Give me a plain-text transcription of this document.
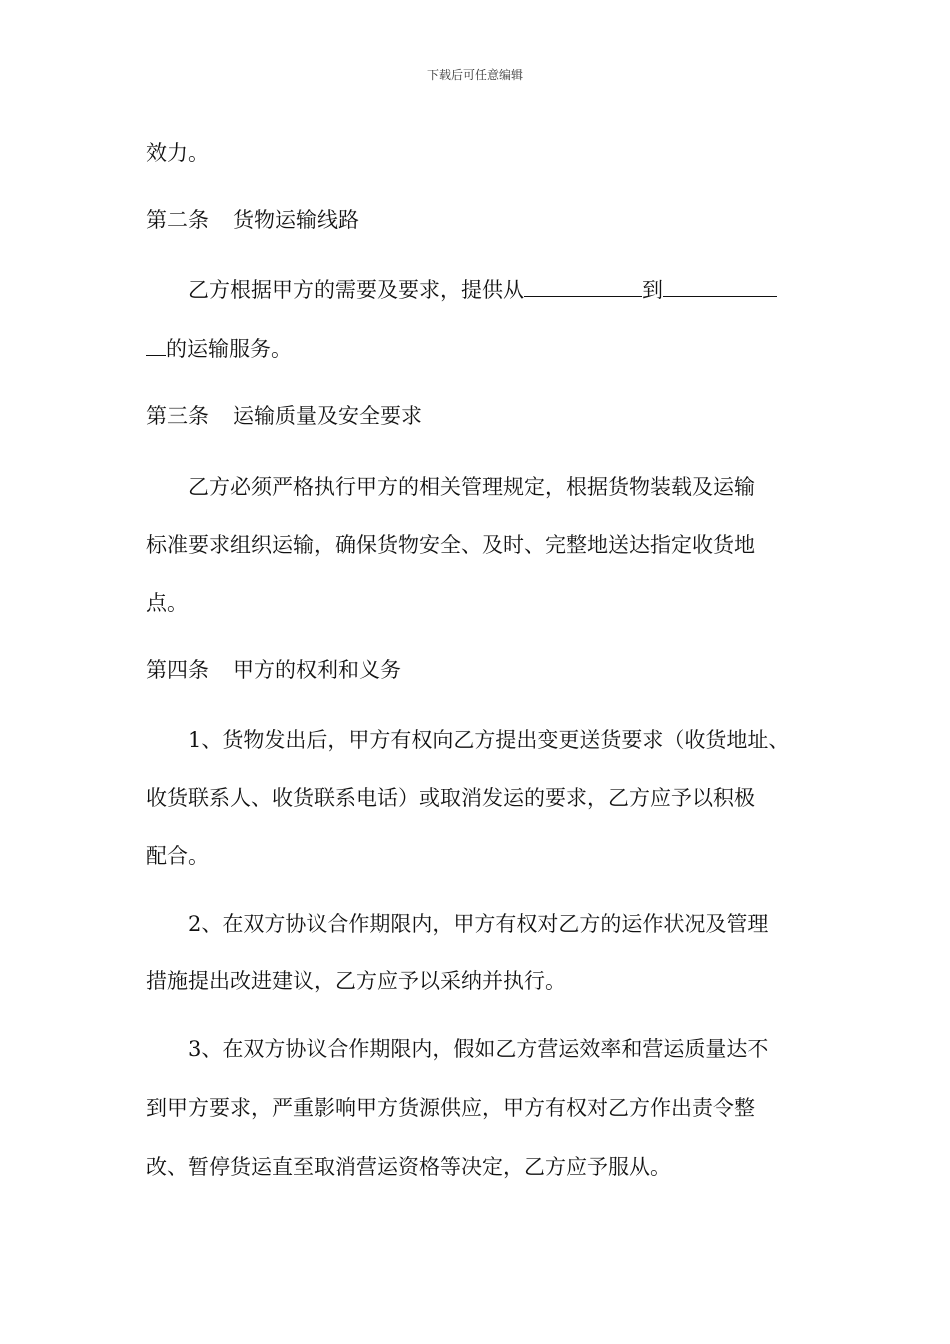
下载后可任意编辑
效力。
第二条 货物运输线路
乙方根据甲方的需要及要求，提供从	到
的运输服务。
第三条 运输质量及安全要求
乙方必须严格执行甲方的相关管理规定，根据货物装载及运输
标准要求组织运输，确保货物安全、及时、完整地送达指定收货地
点。
第四条 甲方的权利和义务
1、货物发出后，甲方有权向乙方提出变更送货要求（收货地址、
收货联系人、收货联系电话）或取消发运的要求，乙方应予以积极
配合。
2、在双方协议合作期限内，甲方有权对乙方的运作状况及管理
措施提出改进建议，乙方应予以采纳并执行。
3、在双方协议合作期限内，假如乙方营运效率和营运质量达不
到甲方要求，严重影响甲方货源供应，甲方有权对乙方作出责令整
改、暂停货运直至取消营运资格等决定，乙方应予服从。
